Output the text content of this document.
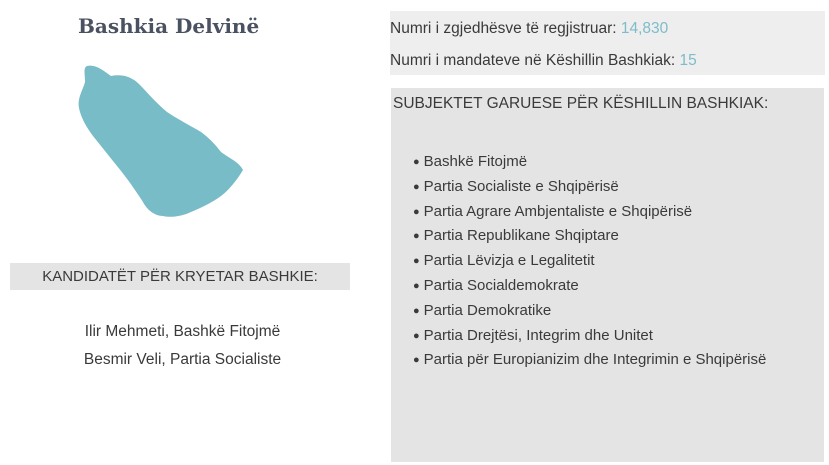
Bashkia Delvinë
KANDIDATËT PËR KRYETAR BASHKIE:
Ilir Mehmeti, Bashkë Fitojmë
Besmir Veli, Partia Socialiste
Numri i zgjedhësve të regjistruar: 14,830
Numri i mandateve në Këshillin Bashkiak: 15
SUBJEKTET GARUESE PËR KËSHILLIN BASHKIAK:
● Bashkë Fitojmë
● Partia Socialiste e Shqipërisë
● Partia Agrare Ambjentaliste e Shqipërisë
● Partia Republikane Shqiptare
● Partia Lëvizja e Legalitetit
● Partia Socialdemokrate
● Partia Demokratike
● Partia Drejtësi, Integrim dhe Unitet
● Partia për Europianizim dhe Integrimin e Shqipërisë
